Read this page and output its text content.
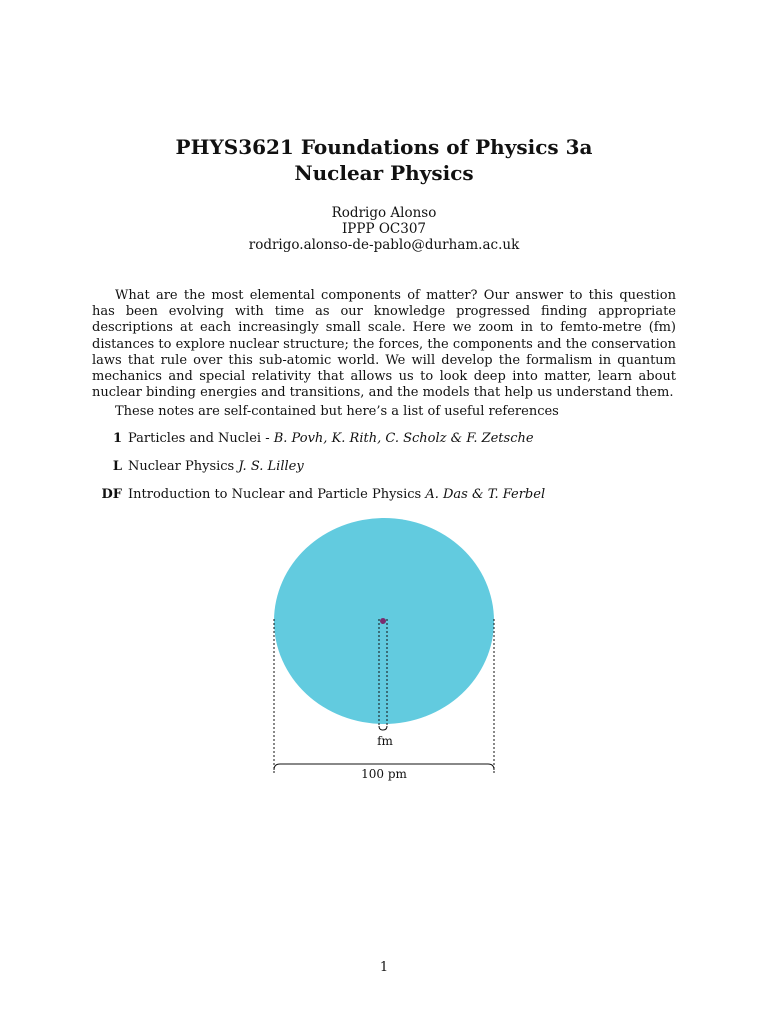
PHYS3621 Foundations of Physics 3a
Nuclear Physics
Rodrigo Alonso
IPPP OC307
rodrigo.alonso-de-pablo@durham.ac.uk

What are the most elemental components of matter? Our answer to this question has been evolving with time as our knowledge progressed finding appropriate descriptions at each increasingly small scale. Here we zoom in to femto-metre (fm) distances to explore nuclear structure; the forces, the components and the conservation laws that rule over this sub-atomic world. We will develop the formalism in quantum mechanics and special relativity that allows us to look deep into matter, learn about nuclear binding energies and transitions, and the models that help us understand them.

These notes are self-contained but here’s a list of useful references

1 Particles and Nuclei - B. Povh, K. Rith, C. Scholz & F. Zetsche
L Nuclear Physics J. S. Lilley
DF Introduction to Nuclear and Particle Physics A. Das & T. Ferbel
fm
100 pm
1
